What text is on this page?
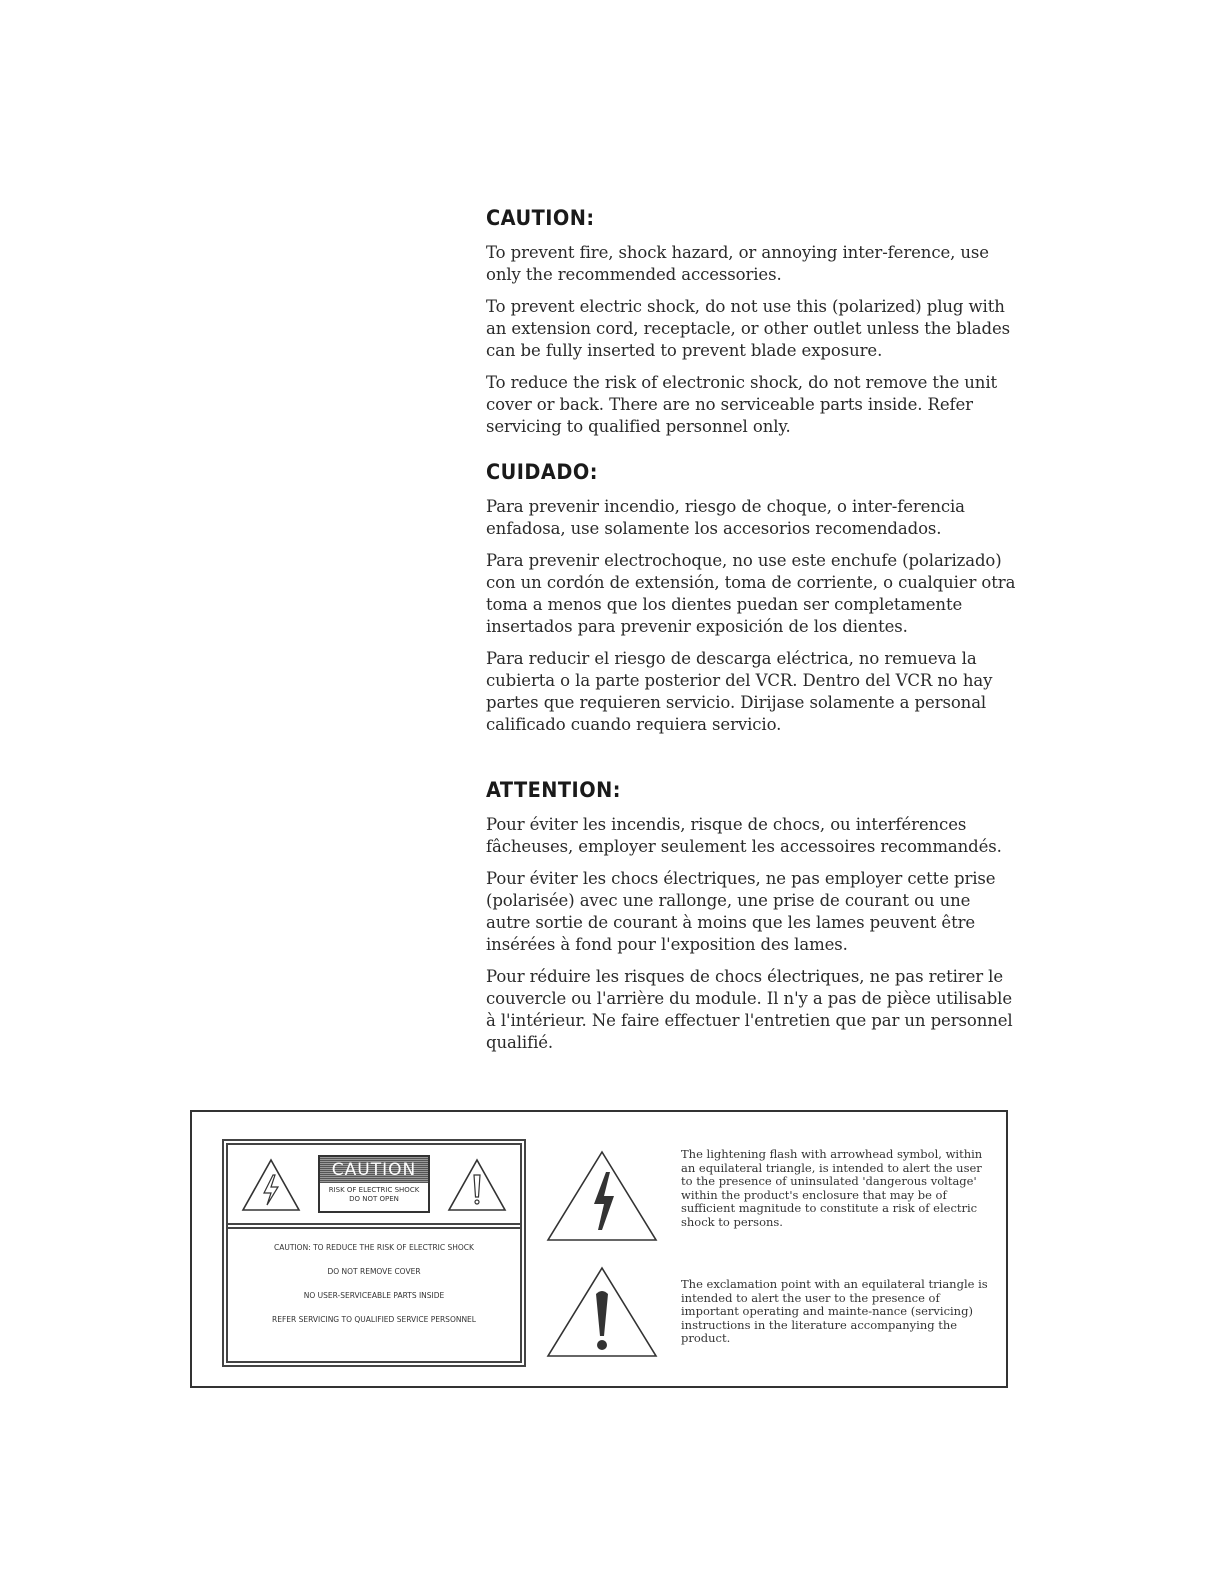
CAUTION:

To prevent fire, shock hazard, or annoying inter-ference, use only the recommended accessories.

To prevent electric shock, do not use this (polarized) plug with an extension cord, receptacle, or other outlet unless the blades can be fully inserted to prevent blade exposure.

To reduce the risk of electronic shock, do not remove the unit cover or back. There are no serviceable parts inside. Refer servicing to qualified personnel only.

CUIDADO:

Para prevenir incendio, riesgo de choque, o inter-ferencia enfadosa, use solamente los accesorios recomendados.

Para prevenir electrochoque, no use este enchufe (polarizado) con un cordón de extensión, toma de corriente, o cualquier otra toma a menos que los dientes puedan ser completamente insertados para prevenir exposición de los dientes.

Para reducir el riesgo de descarga eléctrica, no remueva la cubierta o la parte posterior del VCR. Dentro del VCR no hay partes que requieren servicio. Dirijase solamente a personal calificado cuando requiera servicio.

ATTENTION:

Pour éviter les incendis, risque de chocs, ou interférences fâcheuses, employer seulement les accessoires recommandés.

Pour éviter les chocs électriques, ne pas employer cette prise (polarisée) avec une rallonge, une prise de courant ou une autre sortie de courant à moins que les lames peuvent être insérées à fond pour l'exposition des lames.

Pour réduire les risques de chocs électriques, ne pas retirer le couvercle ou l'arrière du module. Il n'y a pas de pièce utilisable à l'intérieur. Ne faire effectuer l'entretien que par un personnel qualifié.

CAUTION
RISK OF ELECTRIC SHOCK
DO NOT OPEN
CAUTION: TO REDUCE THE RISK OF ELECTRIC SHOCK
DO NOT REMOVE COVER
NO USER-SERVICEABLE PARTS INSIDE
REFER SERVICING TO QUALIFIED SERVICE PERSONNEL

The lightening flash with arrowhead symbol, within an equilateral triangle, is intended to alert the user to the presence of uninsulated 'dangerous voltage' within the product's enclosure that may be of sufficient magnitude to constitute a risk of electric shock to persons.

The exclamation point with an equilateral triangle is intended to alert the user to the presence of important operating and mainte-nance (servicing) instructions in the literature accompanying the product.
